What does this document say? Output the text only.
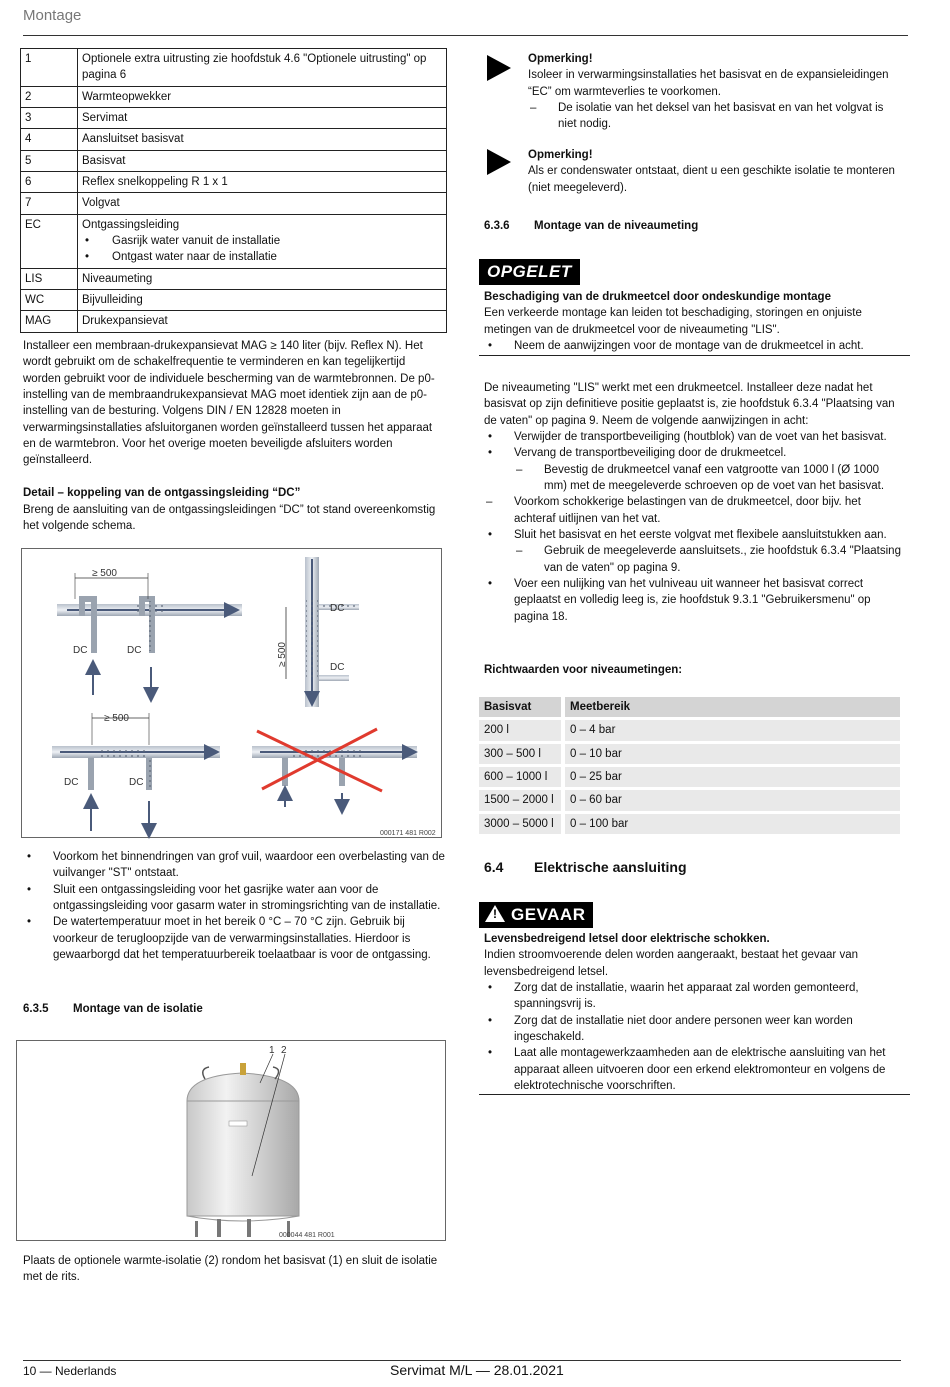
Montage
1	Optionele extra uitrusting zie hoofdstuk 4.6 "Optionele uitrusting" op pagina 6
2	Warmteopwekker
3	Servimat
4	Aansluitset basisvat
5	Basisvat
6	Reflex snelkoppeling R 1 x 1
7	Volgvat
EC	Ontgassingsleiding
• Gasrijk water vanuit de installatie
• Ontgast water naar de installatie

LIS	Niveaumeting
WC	Bijvulleiding
MAG	Drukexpansievat
Installeer een membraan-drukexpansievat MAG ≥ 140 liter (bijv. Reflex N). Het wordt gebruikt om de schakelfrequentie te verminderen en kan tegelijkertijd worden gebruikt voor de individuele bescherming van de warmtebronnen. De p0-instelling van de membraandrukexpansievat MAG moet identiek zijn aan de p0-instelling van de besturing. Volgens DIN / EN 12828 moeten in verwarmingsinstallaties afsluitorganen worden geïnstalleerd tussen het apparaat en de warmtebron. Voor het overige moeten beveiligde afsluiters worden geïnstalleerd.
Detail – koppeling van de ontgassingsleiding “DC”
Breng de aansluiting van de ontgassingsleidingen “DC” tot stand overeenkomstig het volgende schema.
≥ 500
DC	DC
DC
DC
≥ 500
≥ 500
DC	DC
000171 481 R002
• Voorkom het binnendringen van grof vuil, waardoor een overbelasting van de vuilvanger "ST" ontstaat.
• Sluit een ontgassingsleiding voor het gasrijke water aan voor de ontgassingsleiding voor gasarm water in stromingsrichting van de installatie.
• De watertemperatuur moet in het bereik 0 °C – 70 °C zijn. Gebruik bij voorkeur de terugloopzijde van de verwarmingsinstallaties. Hierdoor is gewaarborgd dat het temperatuurbereik toelaatbaar is voor de ontgassing.
6.3.5 Montage van de isolatie
1 2
000044 481 R001
Plaats de optionele warmte-isolatie (2) rondom het basisvat (1) en sluit de isolatie met de rits.
Opmerking!
Isoleer in verwarmingsinstallaties het basisvat en de expansieleidingen “EC” om warmteverlies te voorkomen.
– De isolatie van het deksel van het basisvat en van het volgvat is niet nodig.
Opmerking!
Als er condenswater ontstaat, dient u een geschikte isolatie te monteren (niet meegeleverd).
6.3.6 Montage van de niveaumeting
OPGELET
Beschadiging van de drukmeetcel door ondeskundige montage
Een verkeerde montage kan leiden tot beschadiging, storingen en onjuiste metingen van de drukmeetcel voor de niveaumeting "LIS".
• Neem de aanwijzingen voor de montage van de drukmeetcel in acht.
De niveaumeting "LIS" werkt met een drukmeetcel. Installeer deze nadat het basisvat op zijn definitieve positie geplaatst is, zie hoofdstuk 6.3.4 "Plaatsing van de vaten" op pagina 9. Neem de volgende aanwijzingen in acht:
• Verwijder de transportbeveiliging (houtblok) van de voet van het basisvat.
• Vervang de transportbeveiliging door de drukmeetcel.
– Bevestig de drukmeetcel vanaf een vatgrootte van 1000 l (Ø 1000 mm) met de meegeleverde schroeven op de voet van het basisvat.
– Voorkom schokkerige belastingen van de drukmeetcel, door bijv. het achteraf uitlijnen van het vat.
• Sluit het basisvat en het eerste volgvat met flexibele aansluitstukken aan.
– Gebruik de meegeleverde aansluitsets., zie hoofdstuk 6.3.4 "Plaatsing van de vaten" op pagina 9.
• Voer een nulijking van het vulniveau uit wanneer het basisvat correct geplaatst en volledig leeg is, zie hoofdstuk 9.3.1 "Gebruikersmenu" op pagina 18.
Richtwaarden voor niveaumetingen:
Basisvat	Meetbereik
200 l	0 – 4 bar
300 – 500 l	0 – 10 bar
600 – 1000 l	0 – 25 bar
1500 – 2000 l	0 – 60 bar
3000 – 5000 l	0 – 100 bar
6.4 Elektrische aansluiting
! GEVAAR
Levensbedreigend letsel door elektrische schokken.
Indien stroomvoerende delen worden aangeraakt, bestaat het gevaar van levensbedreigend letsel.
• Zorg dat de installatie, waarin het apparaat zal worden gemonteerd, spanningsvrij is.
• Zorg dat de installatie niet door andere personen weer kan worden ingeschakeld.
• Laat alle montagewerkzaamheden aan de elektrische aansluiting van het apparaat alleen uitvoeren door een erkend elektromonteur en volgens de elektrotechnische voorschriften.
10 — Nederlands	Servimat M/L — 28.01.2021
